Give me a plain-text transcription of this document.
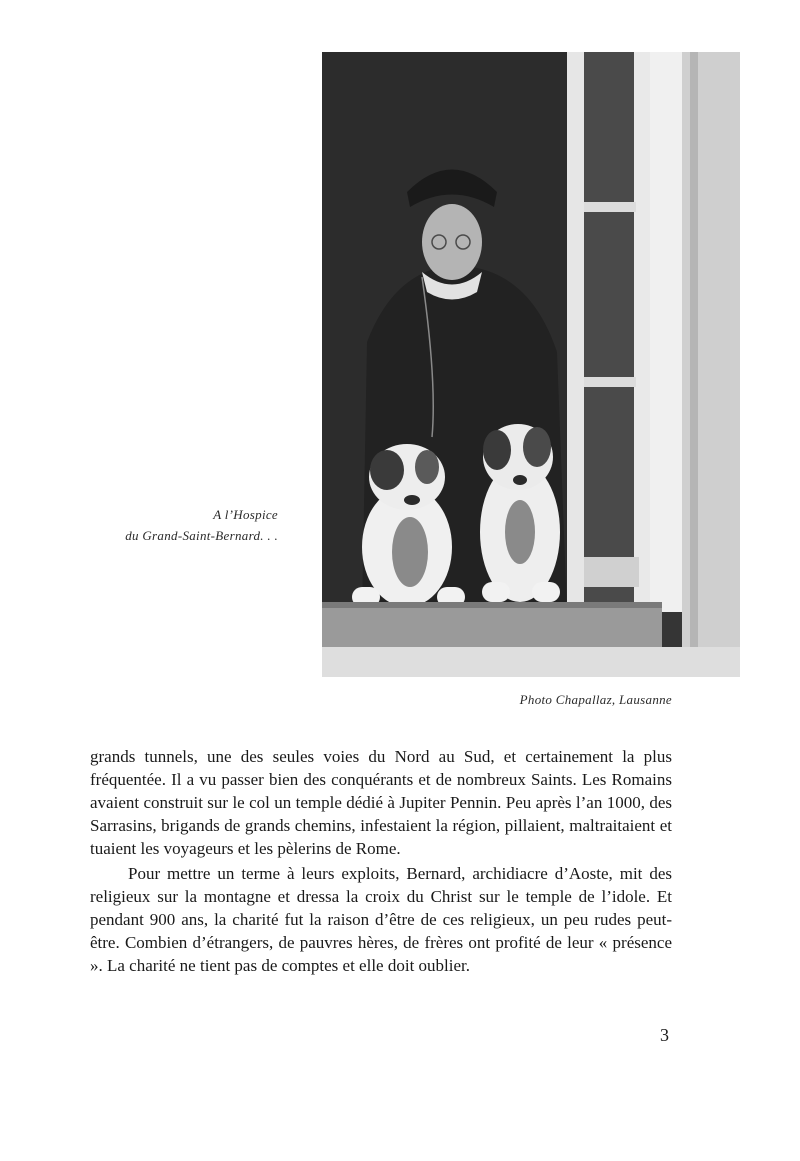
A l’Hospice
du Grand-Saint-Bernard. . .
Photo Chapallaz, Lausanne

grands tunnels, une des seules voies du Nord au Sud, et certainement la plus fréquentée. Il a vu passer bien des conquérants et de nombreux Saints. Les Romains avaient construit sur le col un temple dédié à Jupiter Pennin. Peu après l’an 1000, des Sarrasins, brigands de grands chemins, infestaient la région, pillaient, maltraitaient et tuaient les voyageurs et les pèlerins de Rome.

Pour mettre un terme à leurs exploits, Bernard, archidiacre d’Aoste, mit des religieux sur la montagne et dressa la croix du Christ sur le temple de l’idole. Et pendant 900 ans, la charité fut la raison d’être de ces religieux, un peu rudes peut-être. Combien d’étrangers, de pauvres hères, de frères ont profité de leur « présence ». La charité ne tient pas de comptes et elle doit oublier.

3
